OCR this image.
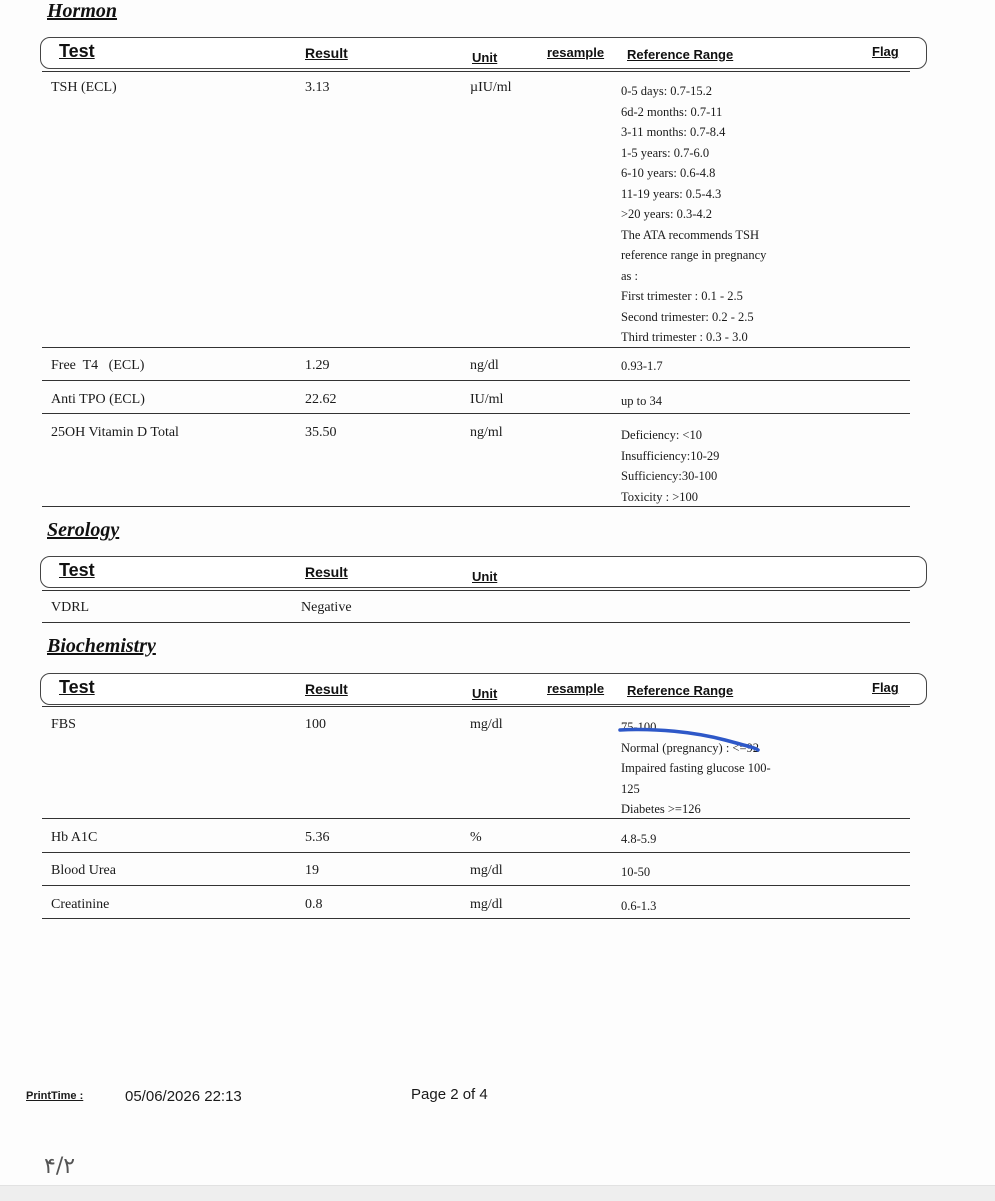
Hormon
Test	Result	Unit	resample Reference Range	Flag
TSH (ECL)	3.13	µIU/ml	0-5 days: 0.7-15.2
6d-2 months: 0.7-11
3-11 months: 0.7-8.4
1-5 years: 0.7-6.0
6-10 years: 0.6-4.8
11-19 years: 0.5-4.3
>20 years: 0.3-4.2
The ATA recommends TSH
reference range in pregnancy
as :
First trimester : 0.1 - 2.5
Second trimester: 0.2 - 2.5
Third trimester : 0.3 - 3.0
Free  T4   (ECL)	1.29	ng/dl	0.93-1.7
Anti TPO (ECL)	22.62	IU/ml	up to 34
25OH Vitamin D Total	35.50	ng/ml	Deficiency: <10
Insufficiency:10-29
Sufficiency:30-100
Toxicity : >100
Serology
Test	Result	Unit
VDRL	Negative
Biochemistry
Test	Result	Unit	resample Reference Range	Flag
FBS	100	mg/dl	75-100
Normal (pregnancy) : <=92
Impaired fasting glucose 100-
125
Diabetes >=126
Hb A1C	5.36	%	4.8-5.9
Blood Urea	19	mg/dl	10-50
Creatinine	0.8	mg/dl	0.6-1.3
PrintTime :	05/06/2026 22:13	Page 2 of 4
۴/۲
